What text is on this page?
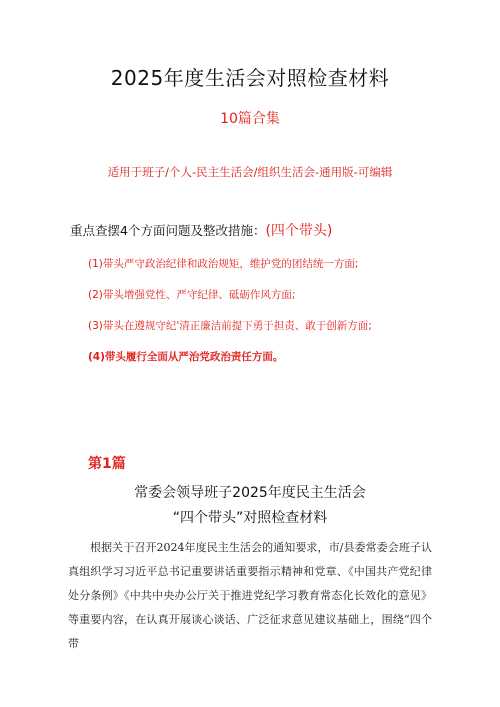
2025年度生活会对照检查材料
10篇合集
适用于班子/个人-民主生活会/组织生活会-通用版-可编辑
重点查摆4个方面问题及整改措施：(四个带头)
(1)带头严守政治纪律和政治规矩，维护党的团结统一方面;
(2)带头增强党性、严守纪律、砥砺作风方面;
(3)带头在遵规守纪'清正廉洁前提下勇于担责、敢于创新方面;
(4)带头履行全面从严治党政治责任方面。
第1篇
常委会领导班子2025年度民主生活会
“四个带头”对照检查材料
根据关于召开2024年度民主生活会的通知要求，市/县委常委会班子认真组织学习习近平总书记重要讲话重要指示精神和党章、《中国共产党纪律处分条例》《中共中央办公厅关于推进党纪学习教育常态化长效化的意见》等重要内容，在认真开展谈心谈话、广泛征求意见建议基础上，围绕“四个带
